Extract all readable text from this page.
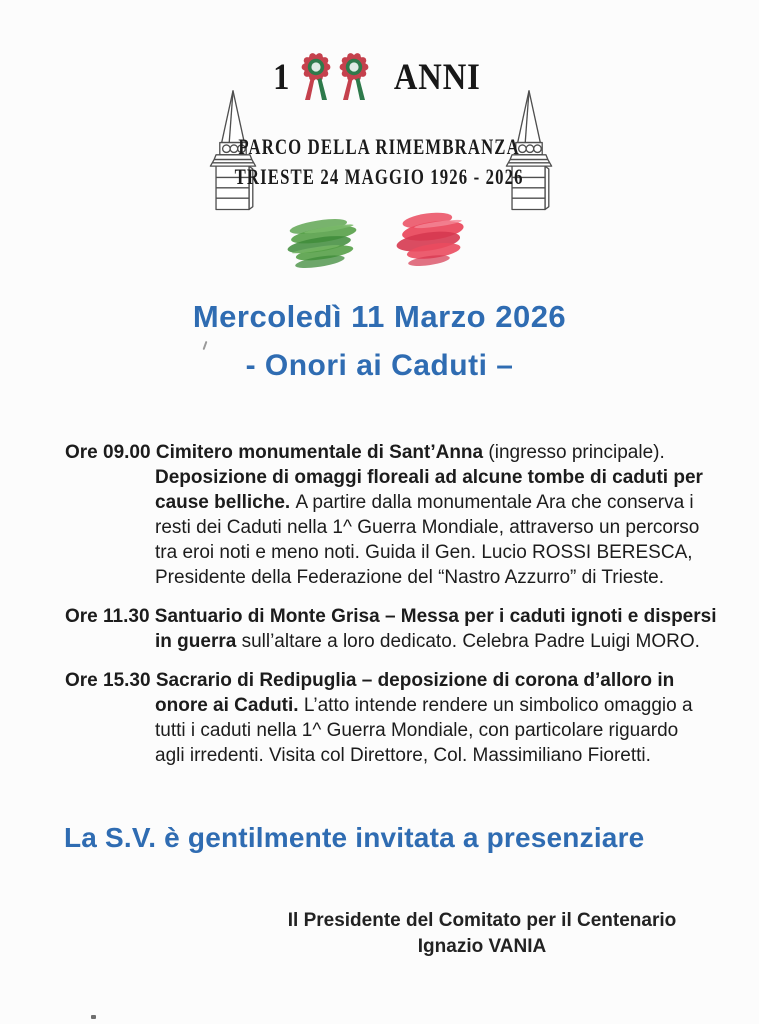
1	ANNI
PARCO DELLA RIMEMBRANZA
TRIESTE 24 MAGGIO 1926 - 2026
Mercoledì 11 Marzo 2026
- Onori ai Caduti –
Ore 09.00 Cimitero monumentale di Sant’Anna (ingresso principale).
Deposizione di omaggi floreali ad alcune tombe di caduti per
cause belliche. A partire dalla monumentale Ara che conserva i
resti dei Caduti nella 1^ Guerra Mondiale, attraverso un percorso
tra eroi noti e meno noti. Guida il Gen. Lucio ROSSI BERESCA,
Presidente della Federazione del “Nastro Azzurro” di Trieste.
Ore 11.30 Santuario di Monte Grisa – Messa per i caduti ignoti e dispersi
in guerra sull’altare a loro dedicato. Celebra Padre Luigi MORO.
Ore 15.30 Sacrario di Redipuglia – deposizione di corona d’alloro in
onore ai Caduti. L’atto intende rendere un simbolico omaggio a
tutti i caduti nella 1^ Guerra Mondiale, con particolare riguardo
agli irredenti. Visita col Direttore, Col. Massimiliano Fioretti.
La S.V. è gentilmente invitata a presenziare
Il Presidente del Comitato per il Centenario
Ignazio VANIA
